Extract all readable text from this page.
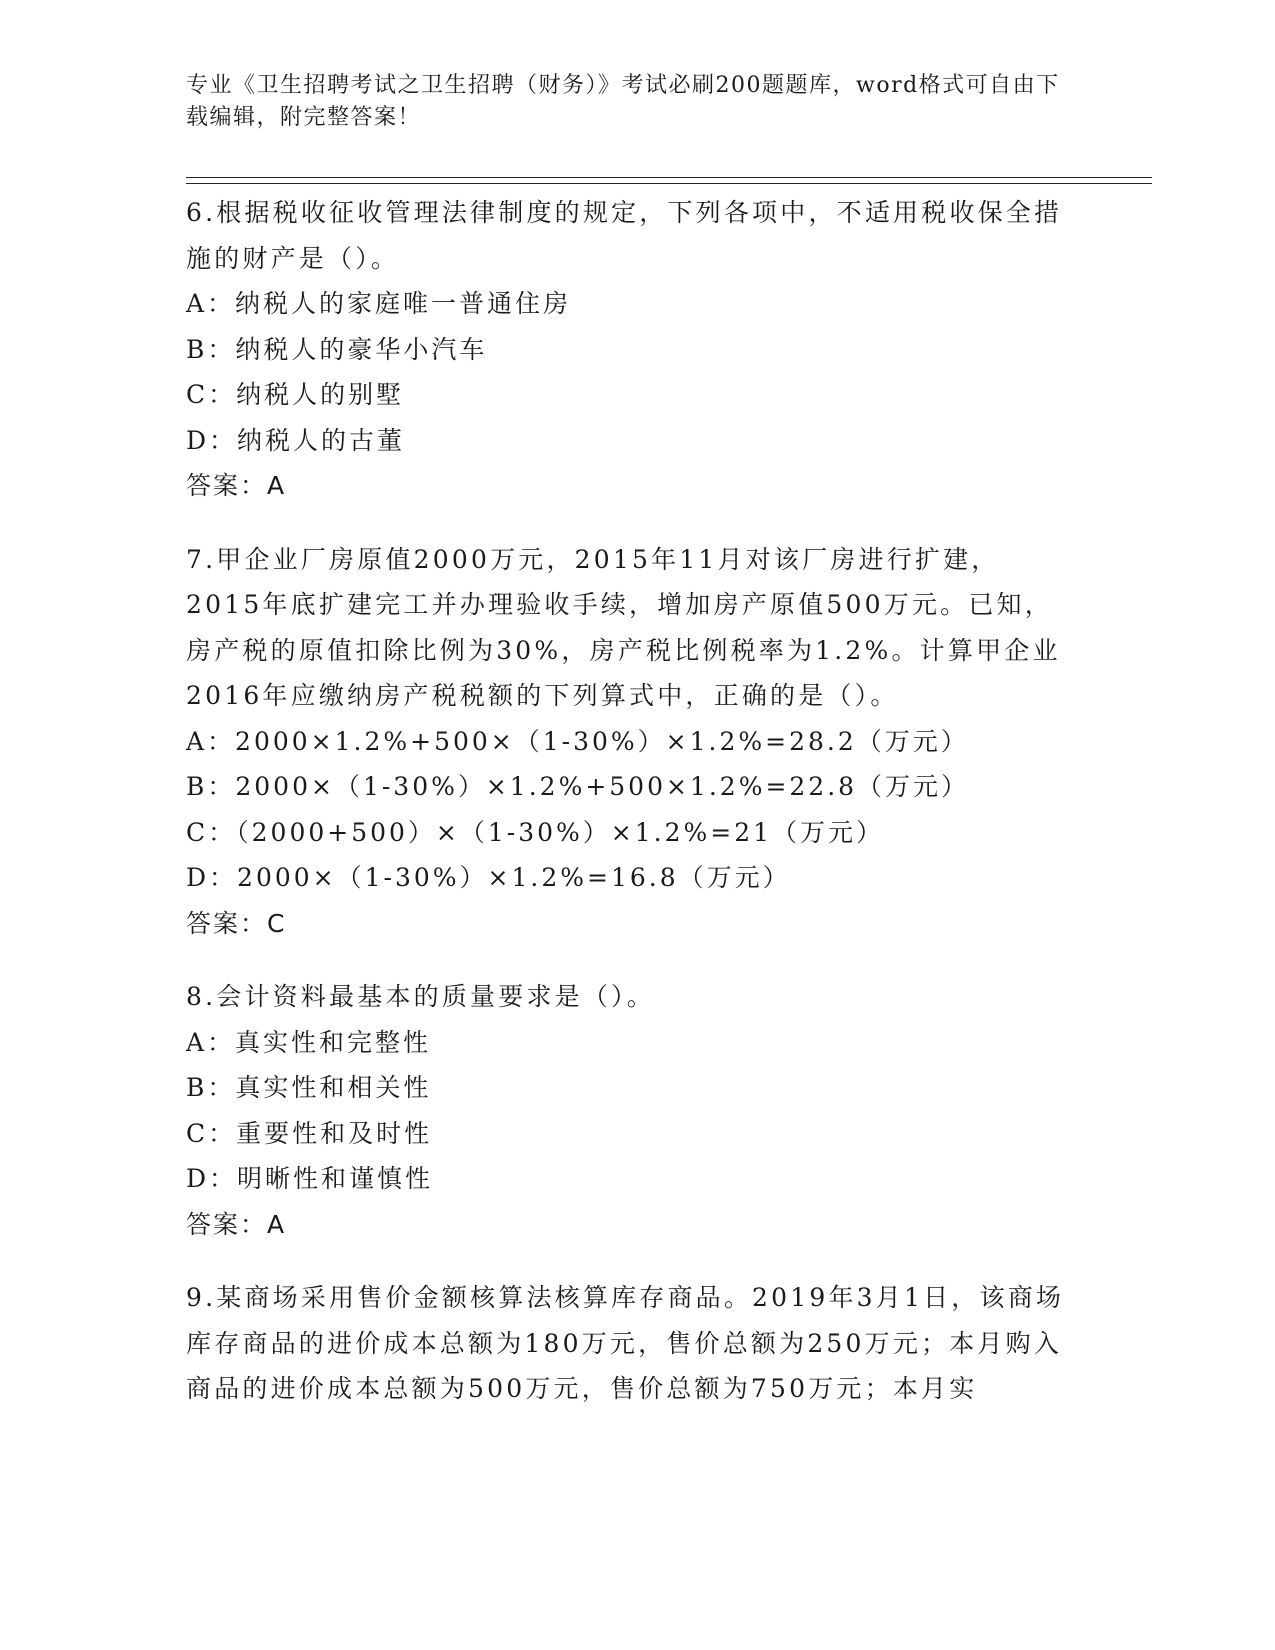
专业《卫生招聘考试之卫生招聘（财务）》考试必刷200题题库，word格式可自由下载编辑，附完整答案！

6.根据税收征收管理法律制度的规定，下列各项中，不适用税收保全措施的财产是（）。

A：纳税人的家庭唯一普通住房

B：纳税人的豪华小汽车

C：纳税人的别墅

D：纳税人的古董

答案：A

7.甲企业厂房原值2000万元，2015年11月对该厂房进行扩建，2015年底扩建完工并办理验收手续，增加房产原值500万元。已知，房产税的原值扣除比例为30%，房产税比例税率为1.2%。计算甲企业2016年应缴纳房产税税额的下列算式中，正确的是（）。

A：2000×1.2%+500×（1-30%）×1.2%=28.2（万元）

B：2000×（1-30%）×1.2%+500×1.2%=22.8（万元）

C：（2000+500）×（1-30%）×1.2%=21（万元）

D：2000×（1-30%）×1.2%=16.8（万元）

答案：C

8.会计资料最基本的质量要求是（）。

A：真实性和完整性

B：真实性和相关性

C：重要性和及时性

D：明晰性和谨慎性

答案：A

9.某商场采用售价金额核算法核算库存商品。2019年3月1日，该商场库存商品的进价成本总额为180万元，售价总额为250万元；本月购入商品的进价成本总额为500万元，售价总额为750万元；本月实
